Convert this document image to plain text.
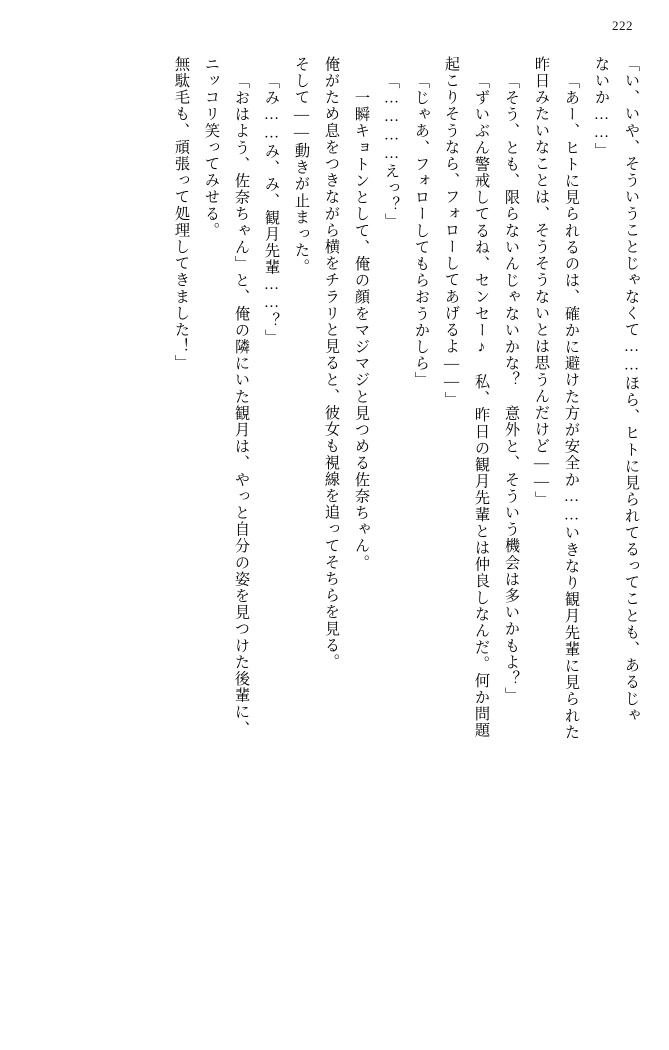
222
「い、いや、そういうことじゃなくて……ほら、ヒトに見られてるってことも、あるじゃ
ないか……」
「あー、ヒトに見られるのは、確かに避けた方が安全か……いきなり観月先輩に見られた
昨日みたいなことは、そうそうないとは思うんだけど――」
「そう、とも、限らないんじゃないかな？　意外と、そういう機会は多いかもよ？」
「ずいぶん警戒してるね、センセー♪　私、昨日の観月先輩とは仲良しなんだ。何か問題
起こりそうなら、フォローしてあげるよ――」
「じゃあ、フォローしてもらおうかしら」
「…………えっ？」
　一瞬キョトンとして、俺の顔をマジマジと見つめる佐奈ちゃん。
俺がため息をつきながら横をチラリと見ると、彼女も視線を追ってそちらを見る。
そして――動きが止まった。
「み……み、み、観月先輩……？」
「おはよう、佐奈ちゃん」と、俺の隣にいた観月は、やっと自分の姿を見つけた後輩に、
ニッコリ笑ってみせる。
無駄毛も、頑張って処理してきました！」
